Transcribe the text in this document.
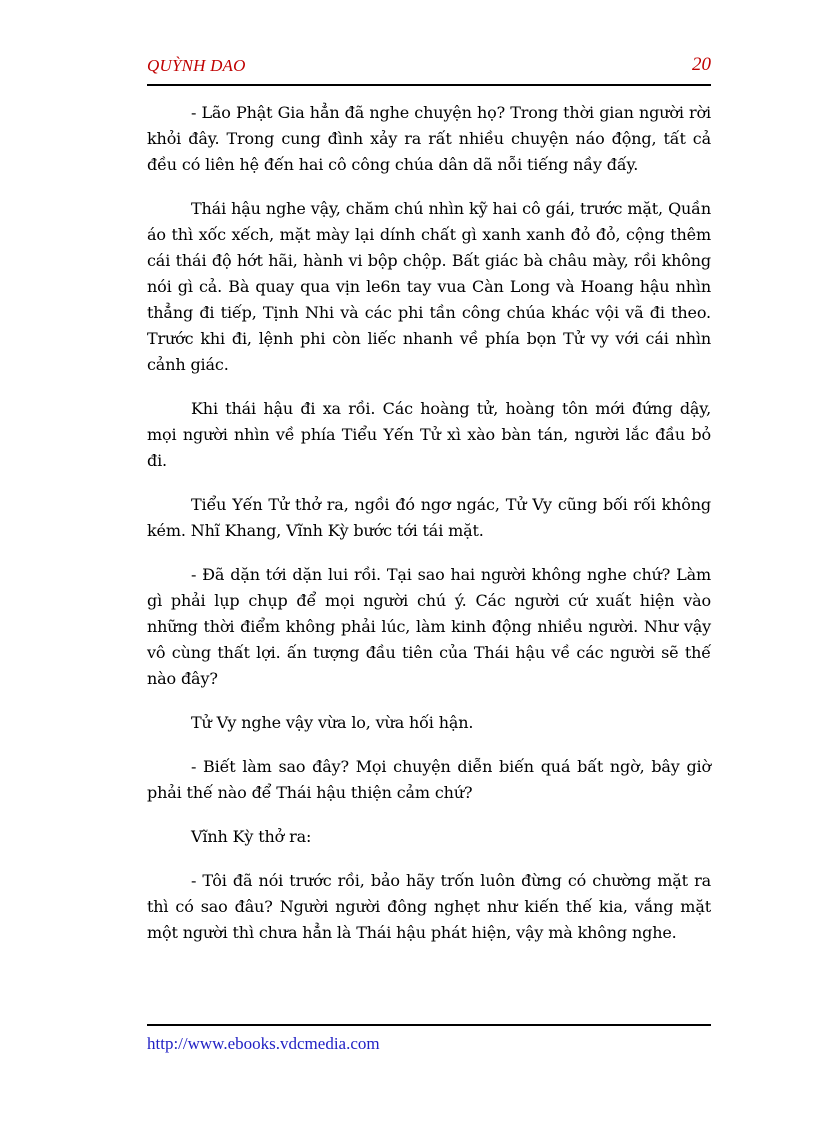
QUỲNH DAO	20

- Lão Phật Gia hẳn đã nghe chuyện họ? Trong thời gian người rời khỏi đây. Trong cung đình xảy ra rất nhiều chuyện náo động, tất cả đều có liên hệ đến hai cô công chúa dân dã nỗi tiếng nầy đấy.

Thái hậu nghe vậy, chăm chú nhìn kỹ hai cô gái, trước mặt, Quần áo thì xốc xếch, mặt mày lại dính chất gì xanh xanh đỏ đỏ, cộng thêm cái thái độ hớt hãi, hành vi bộp chộp. Bất giác bà châu mày, rồi không nói gì cả. Bà quay qua vịn le6n tay vua Càn Long và Hoang hậu nhìn thẳng đi tiếp, Tịnh Nhi và các phi tần công chúa khác vội vã đi theo. Trước khi đi, lệnh phi còn liếc nhanh về phía bọn Tử vy với cái nhìn cảnh giác.

Khi thái hậu đi xa rồi. Các hoàng tử, hoàng tôn mới đứng dậy, mọi người nhìn về phía Tiểu Yến Tử xì xào bàn tán, người lắc đầu bỏ đi.

Tiểu Yến Tử thở ra, ngồi đó ngơ ngác, Tử Vy cũng bối rối không kém. Nhĩ Khang, Vĩnh Kỳ bước tới tái mặt.

- Đã dặn tới dặn lui rồi. Tại sao hai người không nghe chứ? Làm gì phải lụp chụp để mọi người chú ý. Các người cứ xuất hiện vào những thời điểm không phải lúc, làm kinh động nhiều người. Như vậy vô cùng thất lợi. ấn tượng đầu tiên của Thái hậu về các người sẽ thế nào đây?

Tử Vy nghe vậy vừa lo, vừa hối hận.

- Biết làm sao đây? Mọi chuyện diễn biến quá bất ngờ, bây giờ phải thế nào để Thái hậu thiện cảm chứ?

Vĩnh Kỳ thở ra:

- Tôi đã nói trước rồi, bảo hãy trốn luôn đừng có chường mặt ra thì có sao đâu? Người người đông nghẹt như kiến thế kia, vắng mặt một người thì chưa hẳn là Thái hậu phát hiện, vậy mà không nghe.

http://www.ebooks.vdcmedia.com
